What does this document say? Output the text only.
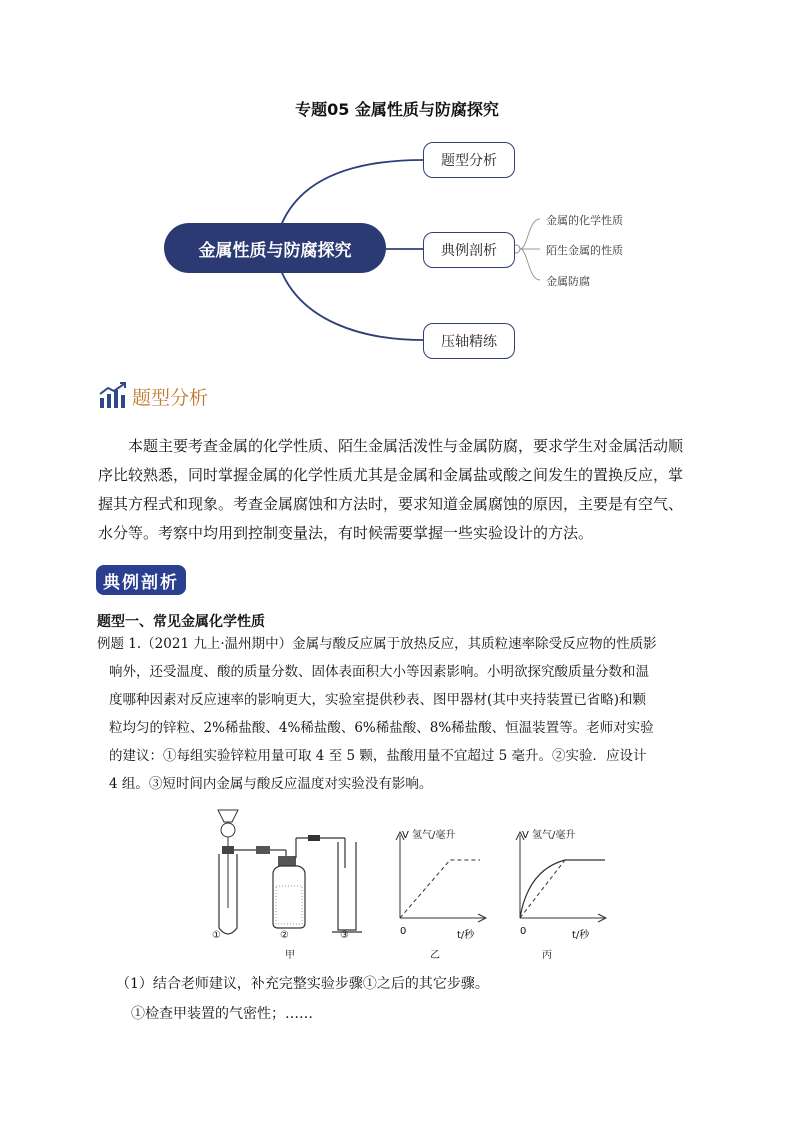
专题05 金属性质与防腐探究
金属性质与防腐探究
题型分析
典例剖析
压轴精练
金属的化学性质
陌生金属的性质
金属防腐
题型分析
本题主要考查金属的化学性质、陌生金属活泼性与金属防腐，要求学生对金属活动顺序比较熟悉，同时掌握金属的化学性质尤其是金属和金属盐或酸之间发生的置换反应，掌握其方程式和现象。考查金属腐蚀和方法时，要求知道金属腐蚀的原因，主要是有空气、水分等。考察中均用到控制变量法，有时候需要掌握一些实验设计的方法。
典例剖析
题型一、常见金属化学性质
例题 1.（2021 九上·温州期中）金属与酸反应属于放热反应，其质粒速率除受反应物的性质影
响外，还受温度、酸的质量分数、固体表面积大小等因素影响。小明欲探究酸质量分数和温
度哪种因素对反应速率的影响更大，实验室提供秒表、图甲器材(其中夹持装置已省略)和颗
粒均匀的锌粒、2%稀盐酸、4%稀盐酸、6%稀盐酸、8%稀盐酸、恒温装置等。老师对实验
的建议：①每组实验锌粒用量可取 4 至 5 颗，盐酸用量不宜超过 5 毫升。②实验．应设计
4 组。③短时间内金属与酸反应温度对实验没有影响。
①	②	③
甲
V 氢气/毫升
0	t/秒
乙
V 氢气/毫升
0	t/秒
丙
（1）结合老师建议，补充完整实验步骤①之后的其它步骤。
①检查甲装置的气密性；……
